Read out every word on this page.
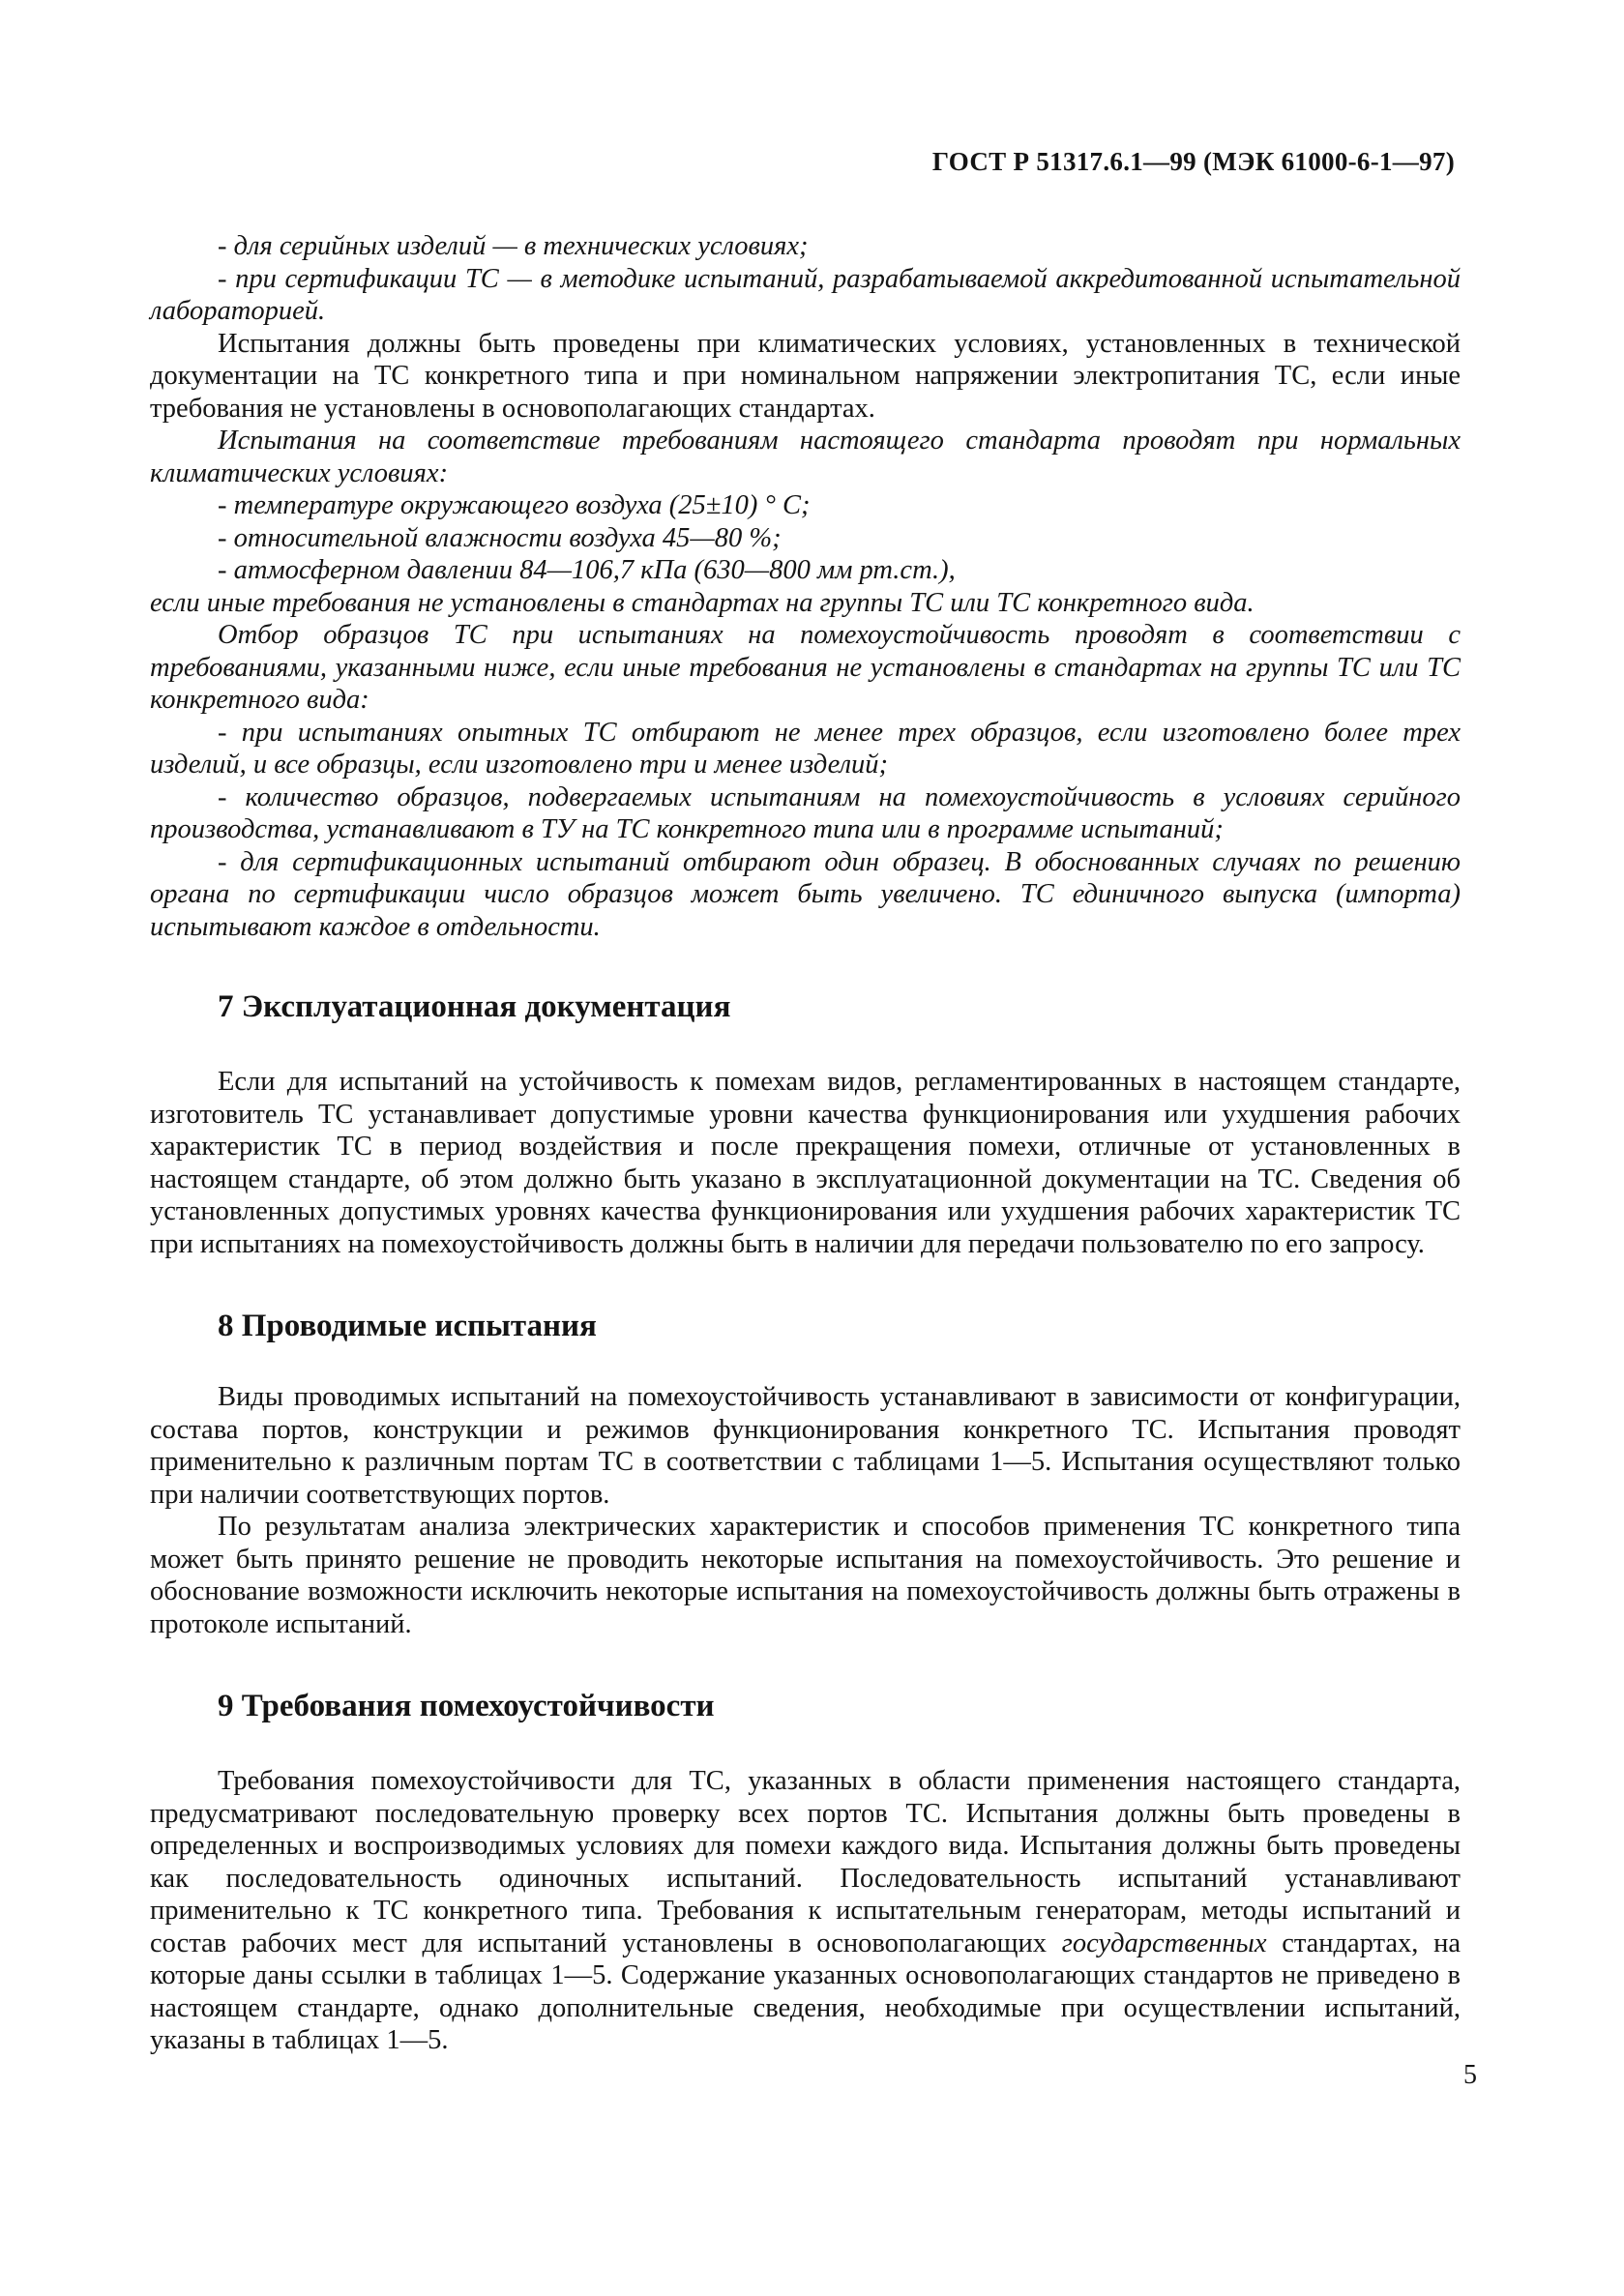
ГОСТ Р 51317.6.1—99 (МЭК 61000-6-1—97)

- для серийных изделий — в технических условиях;

- при сертификации ТС — в методике испытаний, разрабатываемой аккредитованной испытательной лабораторией.

Испытания должны быть проведены при климатических условиях, установленных в технической документации на ТС конкретного типа и при номинальном напряжении электропитания ТС, если иные требования не установлены в основополагающих стандартах.

Испытания на соответствие требованиям настоящего стандарта проводят при нормальных климатических условиях:

- температуре окружающего воздуха (25±10) ° С;

- относительной влажности воздуха 45—80 %;

- атмосферном давлении 84—106,7 кПа (630—800 мм рт.ст.),

если иные требования не установлены в стандартах на группы ТС или ТС конкретного вида.

Отбор образцов ТС при испытаниях на помехоустойчивость проводят в соответствии с требованиями, указанными ниже, если иные требования не установлены в стандартах на группы ТС или ТС конкретного вида:

- при испытаниях опытных ТС отбирают не менее трех образцов, если изготовлено более трех изделий, и все образцы, если изготовлено три и менее изделий;

- количество образцов, подвергаемых испытаниям на помехоустойчивость в условиях серийного производства, устанавливают в ТУ на ТС конкретного типа или в программе испытаний;

- для сертификационных испытаний отбирают один образец. В обоснованных случаях по решению органа по сертификации число образцов может быть увеличено. ТС единичного выпуска (импорта) испытывают каждое в отдельности.

7 Эксплуатационная документация

Если для испытаний на устойчивость к помехам видов, регламентированных в настоящем стандарте, изготовитель ТС устанавливает допустимые уровни качества функционирования или ухудшения рабочих характеристик ТС в период воздействия и после прекращения помехи, отличные от установленных в настоящем стандарте, об этом должно быть указано в эксплуатационной документации на ТС. Сведения об установленных допустимых уровнях качества функционирования или ухудшения рабочих характеристик ТС при испытаниях на помехоустойчивость должны быть в наличии для передачи пользователю по его запросу.

8 Проводимые испытания

Виды проводимых испытаний на помехоустойчивость устанавливают в зависимости от конфигурации, состава портов, конструкции и режимов функционирования конкретного ТС. Испытания проводят применительно к различным портам ТС в соответствии с таблицами 1—5. Испытания осуществляют только при наличии соответствующих портов.

По результатам анализа электрических характеристик и способов применения ТС конкретного типа может быть принято решение не проводить некоторые испытания на помехоустойчивость. Это решение и обоснование возможности исключить некоторые испытания на помехоустойчивость должны быть отражены в протоколе испытаний.

9 Требования помехоустойчивости

Требования помехоустойчивости для ТС, указанных в области применения настоящего стандарта, предусматривают последовательную проверку всех портов ТС. Испытания должны быть проведены в определенных и воспроизводимых условиях для помехи каждого вида. Испытания должны быть проведены как последовательность одиночных испытаний. Последовательность испытаний устанавливают применительно к ТС конкретного типа. Требования к испытательным генераторам, методы испытаний и состав рабочих мест для испытаний установлены в основополагающих государственных стандартах, на которые даны ссылки в таблицах 1—5. Содержание указанных основополагающих стандартов не приведено в настоящем стандарте, однако дополнительные сведения, необходимые при осуществлении испытаний, указаны в таблицах 1—5.

5
